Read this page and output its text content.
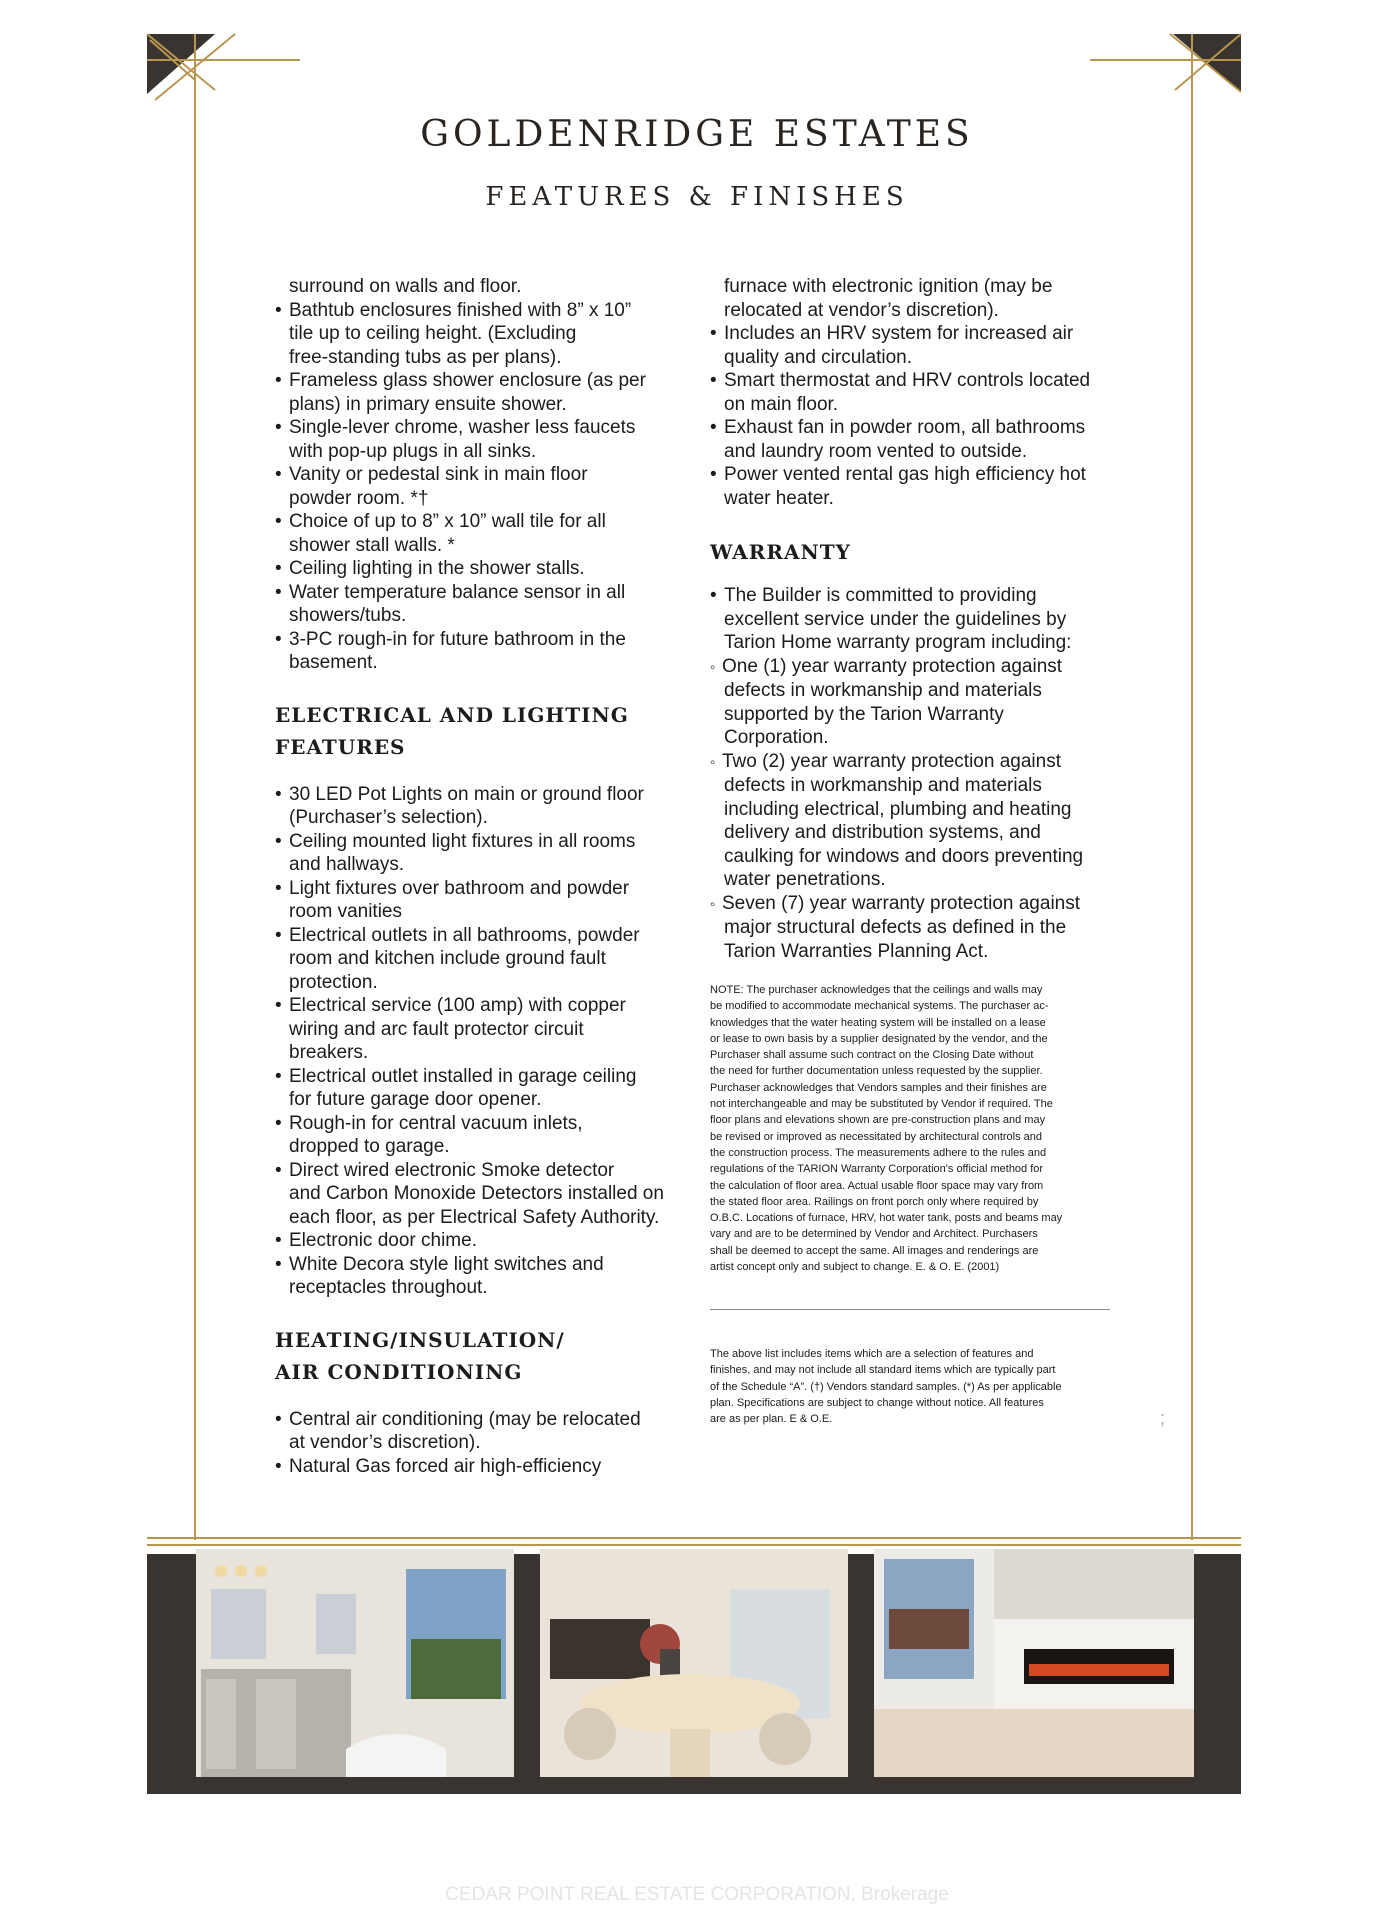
GOLDENRIDGE ESTATES
FEATURES & FINISHES
surround on walls and floor.
• Bathtub enclosures finished with 8” x 10”
tile up to ceiling height. (Excluding
free-standing tubs as per plans).
• Frameless glass shower enclosure (as per
plans) in primary ensuite shower.
• Single-lever chrome, washer less faucets
with pop-up plugs in all sinks.
• Vanity or pedestal sink in main floor
powder room. *†
• Choice of up to 8” x 10” wall tile for all
shower stall walls. *
• Ceiling lighting in the shower stalls.
• Water temperature balance sensor in all
showers/tubs.
• 3-PC rough-in for future bathroom in the
basement.
ELECTRICAL AND LIGHTING
FEATURES
• 30 LED Pot Lights on main or ground floor
(Purchaser’s selection).
• Ceiling mounted light fixtures in all rooms
and hallways.
• Light fixtures over bathroom and powder
room vanities
• Electrical outlets in all bathrooms, powder
room and kitchen include ground fault
protection.
• Electrical service (100 amp) with copper
wiring and arc fault protector circuit
breakers.
• Electrical outlet installed in garage ceiling
for future garage door opener.
• Rough-in for central vacuum inlets,
dropped to garage.
• Direct wired electronic Smoke detector
and Carbon Monoxide Detectors installed on
each floor, as per Electrical Safety Authority.
• Electronic door chime.
• White Decora style light switches and
receptacles throughout.
HEATING/INSULATION/
AIR CONDITIONING
• Central air conditioning (may be relocated
at vendor’s discretion).
• Natural Gas forced air high-efficiency
furnace with electronic ignition (may be
relocated at vendor’s discretion).
• Includes an HRV system for increased air
quality and circulation.
• Smart thermostat and HRV controls located
on main floor.
• Exhaust fan in powder room, all bathrooms
and laundry room vented to outside.
• Power vented rental gas high efficiency hot
water heater.
WARRANTY
• The Builder is committed to providing
excellent service under the guidelines by
Tarion Home warranty program including:
◦ One (1) year warranty protection against
defects in workmanship and materials
supported by the Tarion Warranty
Corporation.
◦ Two (2) year warranty protection against
defects in workmanship and materials
including electrical, plumbing and heating
delivery and distribution systems, and
caulking for windows and doors preventing
water penetrations.
◦ Seven (7) year warranty protection against
major structural defects as defined in the
Tarion Warranties Planning Act.
NOTE: The purchaser acknowledges that the ceilings and walls may
be modified to accommodate mechanical systems. The purchaser ac-
knowledges that the water heating system will be installed on a lease
or lease to own basis by a supplier designated by the vendor, and the
Purchaser shall assume such contract on the Closing Date without
the need for further documentation unless requested by the supplier.
Purchaser acknowledges that Vendors samples and their finishes are
not interchangeable and may be substituted by Vendor if required. The
floor plans and elevations shown are pre-construction plans and may
be revised or improved as necessitated by architectural controls and
the construction process. The measurements adhere to the rules and
regulations of the TARION Warranty Corporation's official method for
the calculation of floor area. Actual usable floor space may vary from
the stated floor area. Railings on front porch only where required by
O.B.C. Locations of furnace, HRV, hot water tank, posts and beams may
vary and are to be determined by Vendor and Architect. Purchasers
shall be deemed to accept the same. All images and renderings are
artist concept only and subject to change. E. & O. E. (2001)
The above list includes items which are a selection of features and
finishes, and may not include all standard items which are typically part
of the Schedule “A”. (†) Vendors standard samples. (*) As per applicable
plan. Specifications are subject to change without notice. All features
are as per plan. E & O.E.	;
CEDAR POINT REAL ESTATE CORPORATION, Brokerage
